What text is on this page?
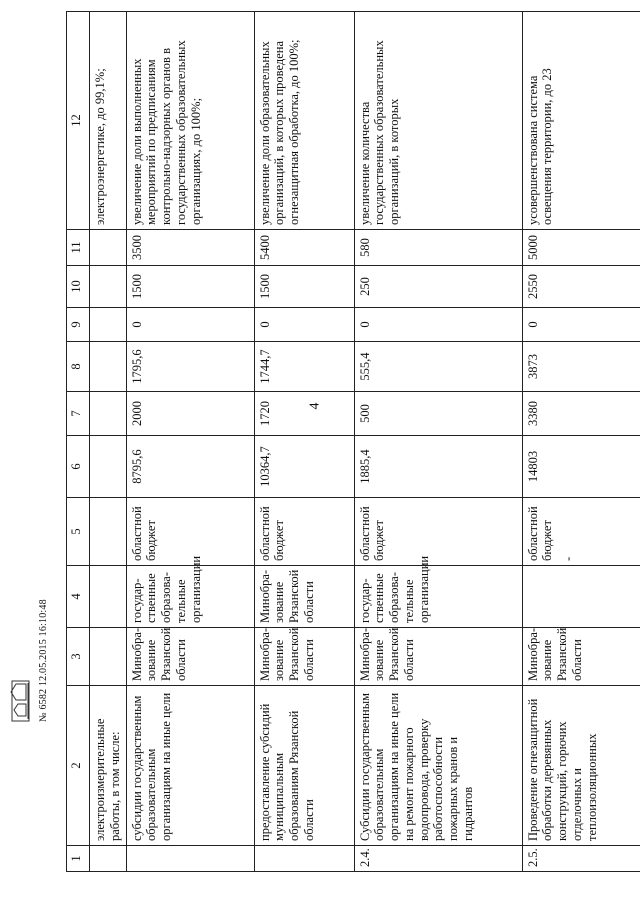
4
1	2	3	4	5	6	7	8	9	10	11	12
	электроизмерительные работы, в том числе:										электроэнергетике, до 99,1%;
	субсидии государственным образовательным организациям на иные цели	Минобра-зование Рязанской области	государ-ственные образова-тельные организации	областной бюджет	8795,6	2000	1795,6	0	1500	3500	увеличение доли выполненных мероприятий по предписаниям контрольно-надзорных органов в государственных образовательных организациях, до 100%;
	предоставление субсидий муниципальным образованиям Рязанской области	Минобра-зование Рязанской области	Минобра-зование Рязанской области	областной бюджет	10364,7	1720	1744,7	0	1500	5400	увеличение доли образовательных организаций, в которых проведена огнезащитная обработка, до 100%;
2.4.	Субсидии государственным образовательным организациям на иные цели на ремонт пожарного водопровода, проверку работоспособности пожарных кранов и гидрантов	Минобра-зование Рязанской области	государ-ственные образова-тельные организации	областной бюджет	1885,4	500	555,4	0	250	580	увеличение количества государственных образовательных организаций, в которых
2.5.	Проведение огнезащитной обработки деревянных конструкций, горючих отделочных и теплоизоляционных	Минобра-зование Рязанской области		областной бюджет -	14803	3380	3873	0	2550	5000	усовершенствована система освещения территории, до 23
№ 6582 12.05.2015 16:10:48
